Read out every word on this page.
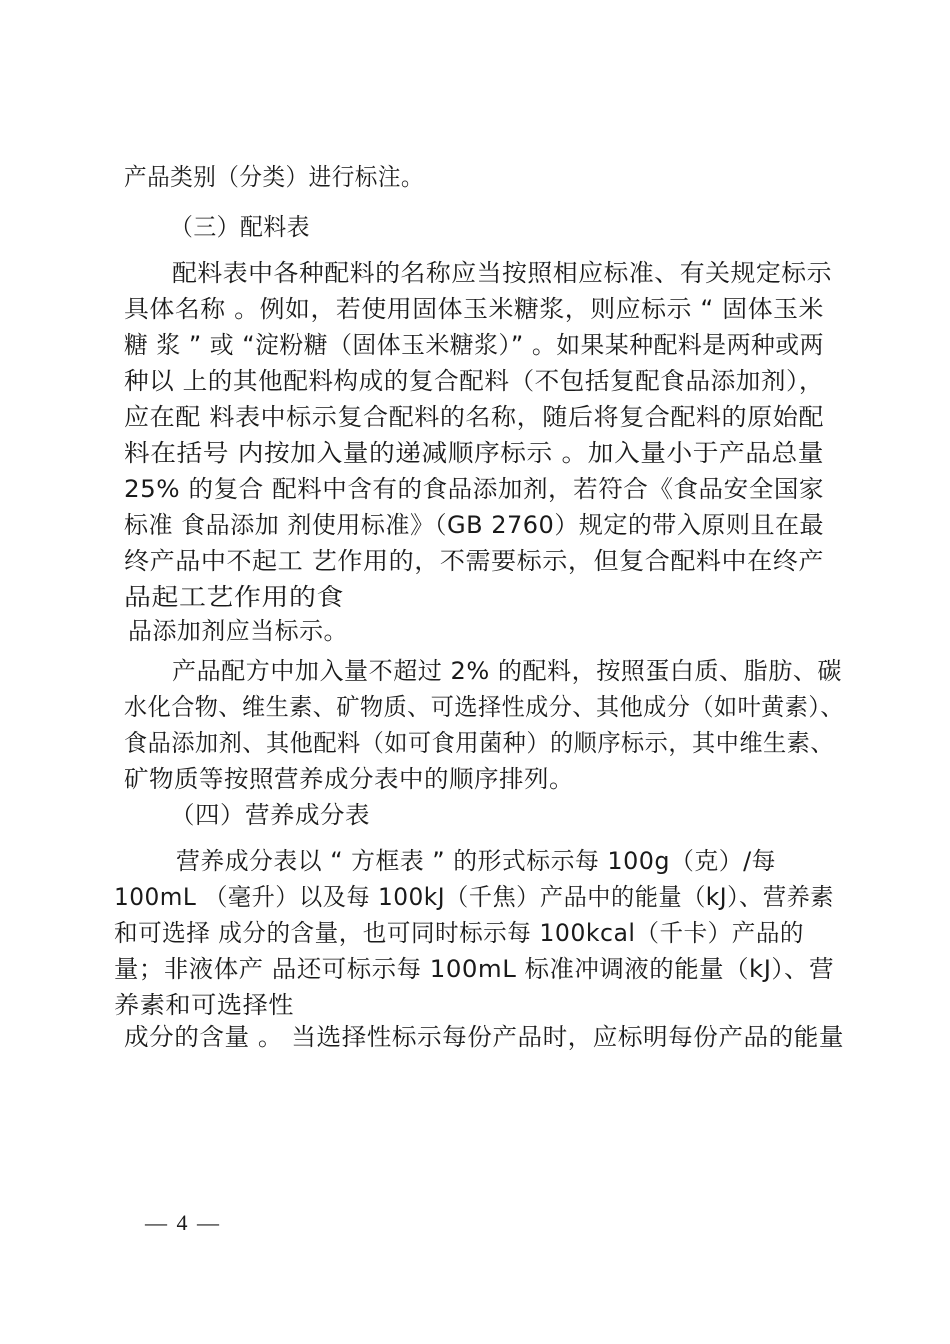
产品类别（分类）进行标注。
（三）配料表
配料表中各种配料的名称应当按照相应标准、有关规定标示
具体名称 。例如，若使用固体玉米糖浆，则应标示 “ 固体玉米
糖 浆 ” 或 “淀粉糖（固体玉米糖浆）” 。如果某种配料是两种或两
种以 上的其他配料构成的复合配料（不包括复配食品添加剂），
应在配 料表中标示复合配料的名称，随后将复合配料的原始配
料在括号 内按加入量的递减顺序标示 。加入量小于产品总量
25% 的复合 配料中含有的食品添加剂，若符合《食品安全国家
标准 食品添加 剂使用标准》（GB 2760）规定的带入原则且在最
终产品中不起工 艺作用的，不需要标示，但复合配料中在终产
品起工艺作用的食
品添加剂应当标示。
产品配方中加入量不超过 2% 的配料，按照蛋白质、脂肪、碳
水化合物、维生素、矿物质、可选择性成分、其他成分（如叶黄素）、
食品添加剂、其他配料（如可食用菌种）的顺序标示，其中维生素、
矿物质等按照营养成分表中的顺序排列。
（四）营养成分表
营养成分表以 “ 方框表 ” 的形式标示每 100g（克）/每
100mL （毫升）以及每 100kJ（千焦）产品中的能量（kJ）、营养素
和可选择 成分的含量，也可同时标示每 100kcal（千卡）产品的
量；非液体产 品还可标示每 100mL 标准冲调液的能量（kJ）、营
养素和可选择性
成分的含量 。 当选择性标示每份产品时，应标明每份产品的能量
— 4 —
